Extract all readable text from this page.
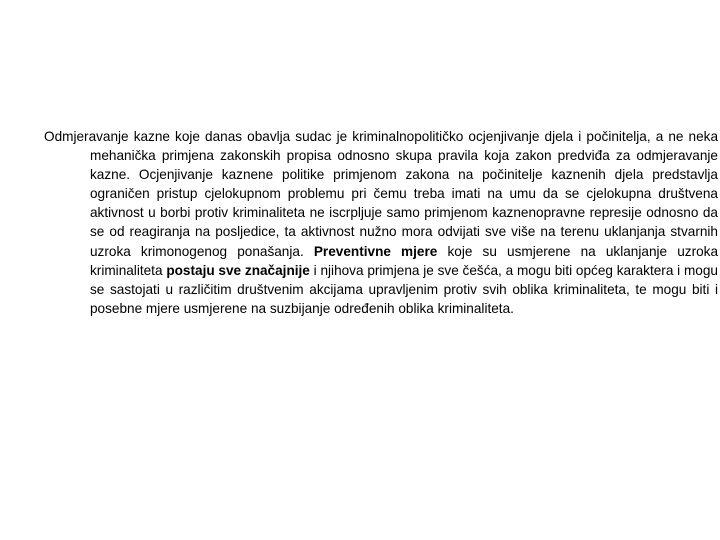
Odmjeravanje kazne koje danas obavlja sudac je kriminalnopolitičko ocjenjivanje djela i počinitelja, a ne neka mehanička primjena zakonskih propisa odnosno skupa pravila koja zakon predviđa za odmjeravanje kazne. Ocjenjivanje kaznene politike primjenom zakona na počinitelje kaznenih djela predstavlja ograničen pristup cjelokupnom problemu pri čemu treba imati na umu da se cjelokupna društvena aktivnost u borbi protiv kriminaliteta ne iscrpljuje samo primjenom kaznenopravne represije odnosno da se od reagiranja na posljedice, ta aktivnost nužno mora odvijati sve više na terenu uklanjanja stvarnih uzroka krimonogenog ponašanja. Preventivne mjere koje su usmjerene na uklanjanje uzroka kriminaliteta postaju sve značajnije i njihova primjena je sve češća, a mogu biti općeg karaktera i mogu se sastojati u različitim društvenim akcijama upravljenim protiv svih oblika kriminaliteta, te mogu biti i posebne mjere usmjerene na suzbijanje određenih oblika kriminaliteta.
